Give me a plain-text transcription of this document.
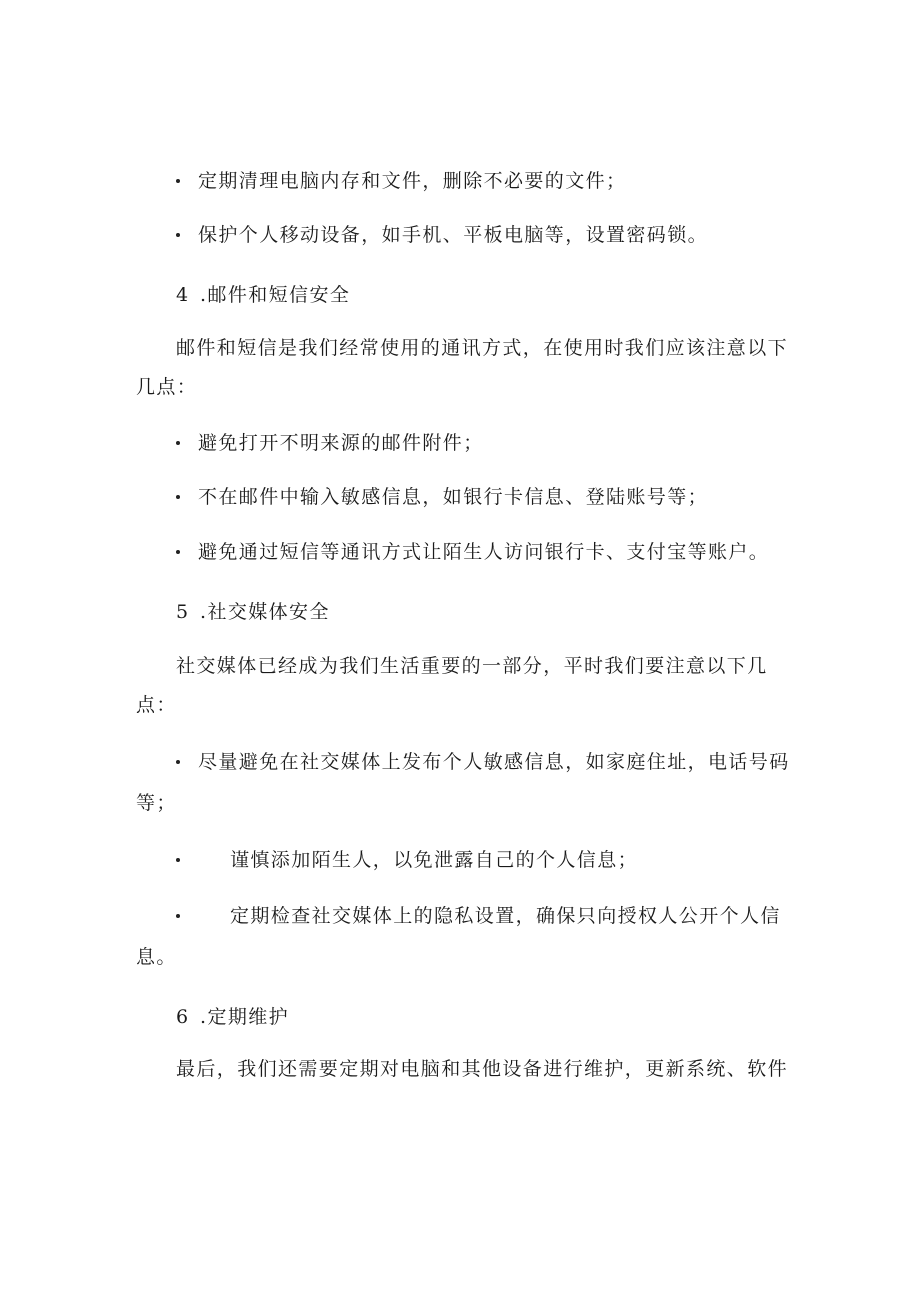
定期清理电脑内存和文件，删除不必要的文件；
保护个人移动设备，如手机、平板电脑等，设置密码锁。
4 .邮件和短信安全
邮件和短信是我们经常使用的通讯方式，在使用时我们应该注意以下
几点：
避免打开不明来源的邮件附件；
不在邮件中输入敏感信息，如银行卡信息、登陆账号等；
避免通过短信等通讯方式让陌生人访问银行卡、支付宝等账户。
5 .社交媒体安全
社交媒体已经成为我们生活重要的一部分，平时我们要注意以下几
点：
尽量避免在社交媒体上发布个人敏感信息，如家庭住址，电话号码
等；
谨慎添加陌生人，以免泄露自己的个人信息；
定期检查社交媒体上的隐私设置，确保只向授权人公开个人信
息。
6 .定期维护
最后，我们还需要定期对电脑和其他设备进行维护，更新系统、软件
